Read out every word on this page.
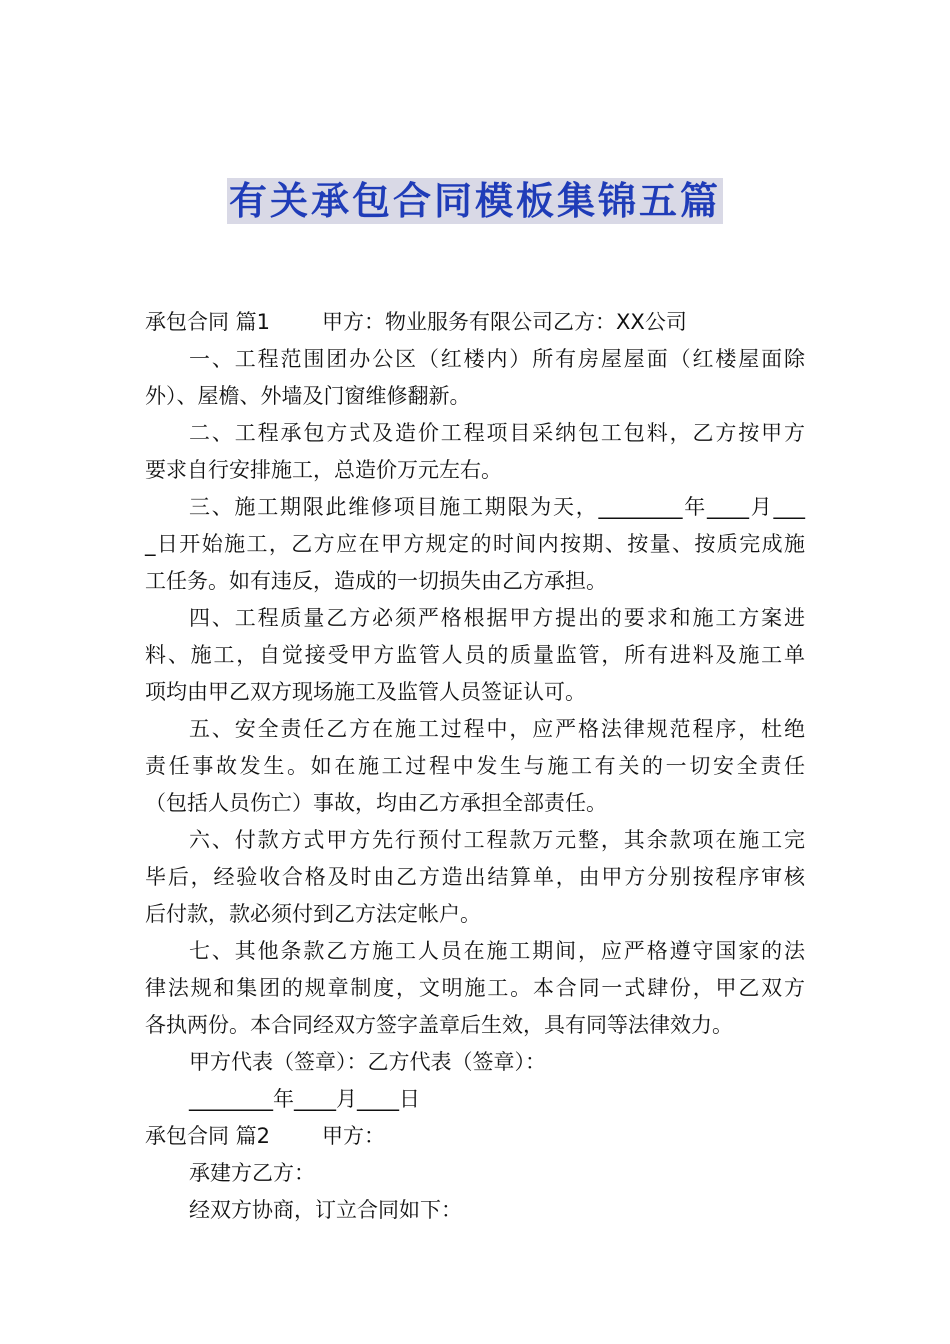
有关承包合同模板集锦五篇
承包合同 篇1 甲方：物业服务有限公司乙方：XX公司
一、工程范围团办公区（红楼内）所有房屋屋面（红楼屋面除
外）、屋檐、外墙及门窗维修翻新。
二、工程承包方式及造价工程项目采纳包工包料，乙方按甲方
要求自行安排施工，总造价万元左右。
三、施工期限此维修项目施工期限为天，________年____月___
_日开始施工，乙方应在甲方规定的时间内按期、按量、按质完成施
工任务。如有违反，造成的一切损失由乙方承担。
四、工程质量乙方必须严格根据甲方提出的要求和施工方案进
料、施工，自觉接受甲方监管人员的质量监管，所有进料及施工单
项均由甲乙双方现场施工及监管人员签证认可。
五、安全责任乙方在施工过程中，应严格法律规范程序，杜绝
责任事故发生。如在施工过程中发生与施工有关的一切安全责任
（包括人员伤亡）事故，均由乙方承担全部责任。
六、付款方式甲方先行预付工程款万元整，其余款项在施工完
毕后，经验收合格及时由乙方造出结算单，由甲方分别按程序审核
后付款，款必须付到乙方法定帐户。
七、其他条款乙方施工人员在施工期间，应严格遵守国家的法
律法规和集团的规章制度，文明施工。本合同一式肆份，甲乙双方
各执两份。本合同经双方签字盖章后生效，具有同等法律效力。
甲方代表（签章）：乙方代表（签章）：
________年____月____日
承包合同 篇2 甲方：
承建方乙方：
经双方协商，订立合同如下：
